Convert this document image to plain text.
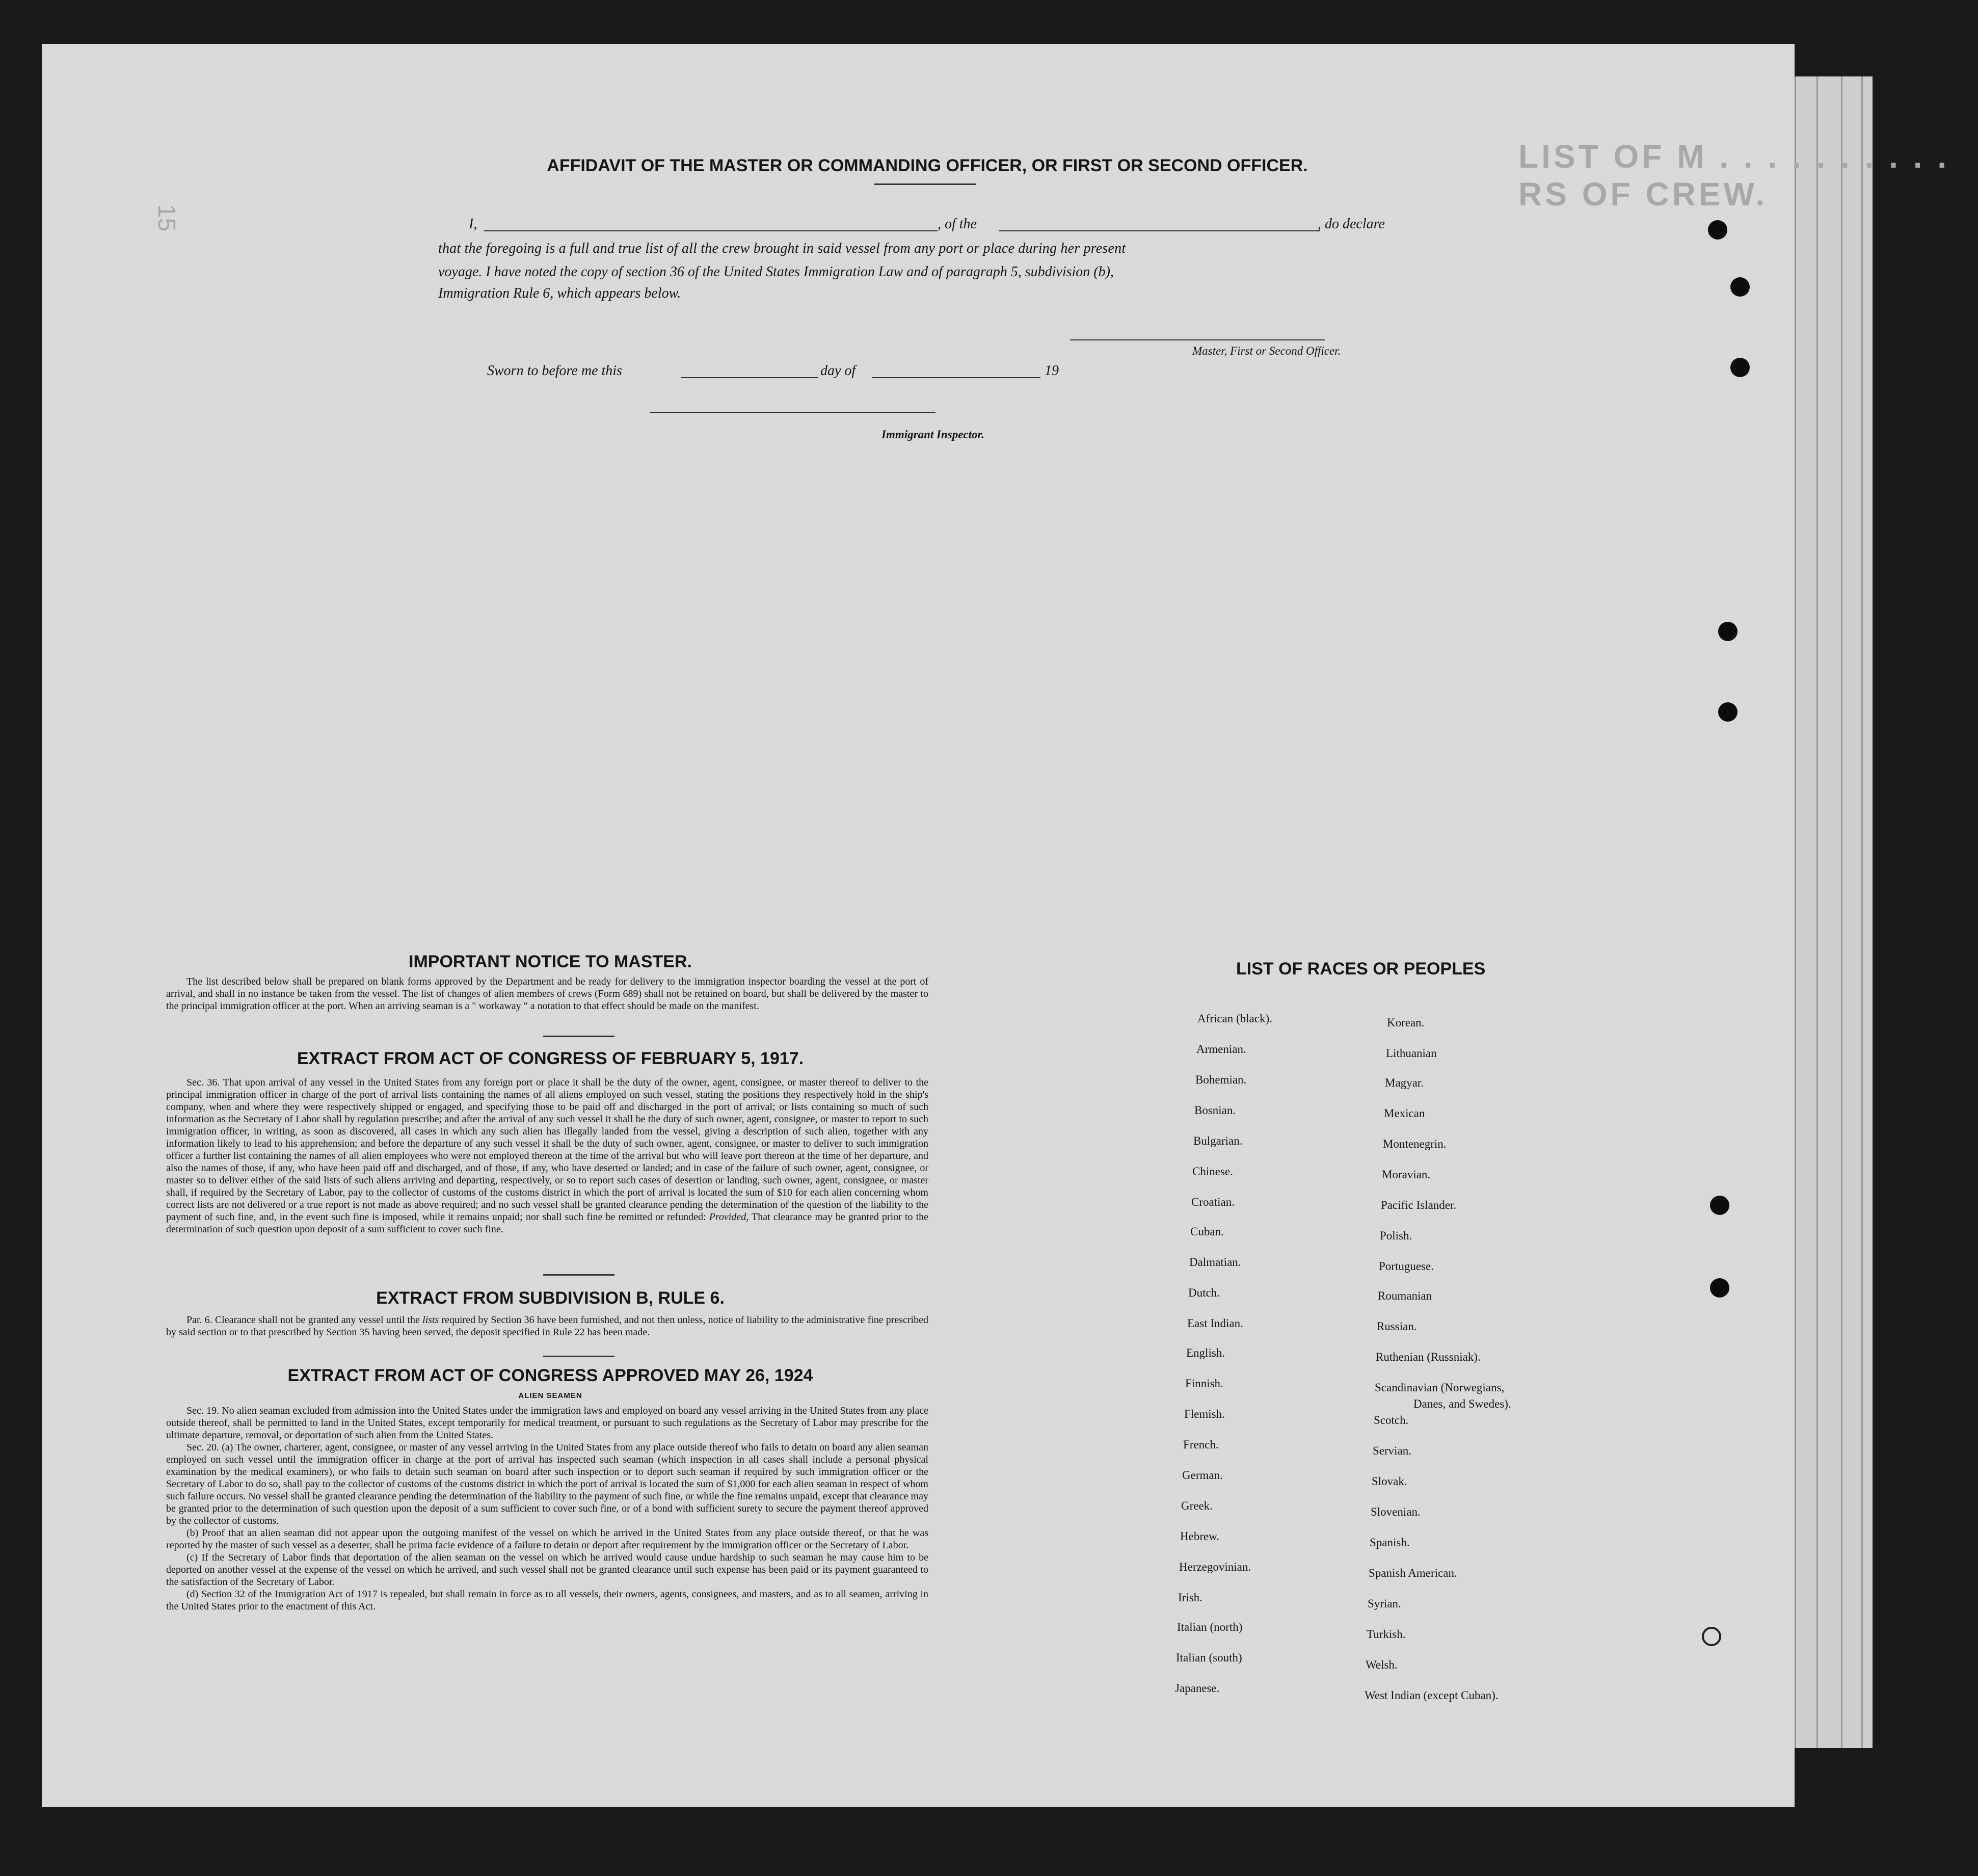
LIST OF M . . . . . . . . . . RS OF CREW.
15
AFFIDAVIT OF THE MASTER OR COMMANDING OFFICER, OR FIRST OR SECOND OFFICER.
I,	, of the	, do declare
that the foregoing is a full and true list of all the crew brought in said vessel from any port or place during her present
voyage. I have noted the copy of section 36 of the United States Immigration Law and of paragraph 5, subdivision (b),
Immigration Rule 6, which appears below.
Master, First or Second Officer.
Sworn to before me this	day of	19
Immigrant Inspector.
IMPORTANT NOTICE TO MASTER.

The list described below shall be prepared on blank forms approved by the Department and be ready for delivery to the immigration inspector boarding the vessel at the port of arrival, and shall in no instance be taken from the vessel. The list of changes of alien members of crews (Form 689) shall not be retained on board, but shall be delivered by the master to the principal immigration officer at the port. When an arriving seaman is a " workaway " a notation to that effect should be made on the manifest.

EXTRACT FROM ACT OF CONGRESS OF FEBRUARY 5, 1917.

Sec. 36. That upon arrival of any vessel in the United States from any foreign port or place it shall be the duty of the owner, agent, consignee, or master thereof to deliver to the principal immigration officer in charge of the port of arrival lists containing the names of all aliens employed on such vessel, stating the positions they respectively hold in the ship's company, when and where they were respectively shipped or engaged, and specifying those to be paid off and discharged in the port of arrival; or lists containing so much of such information as the Secretary of Labor shall by regulation prescribe; and after the arrival of any such vessel it shall be the duty of such owner, agent, consignee, or master to report to such immigration officer, in writing, as soon as discovered, all cases in which any such alien has illegally landed from the vessel, giving a description of such alien, together with any information likely to lead to his apprehension; and before the departure of any such vessel it shall be the duty of such owner, agent, consignee, or master to deliver to such immigration officer a further list containing the names of all alien employees who were not employed thereon at the time of the arrival but who will leave port thereon at the time of her departure, and also the names of those, if any, who have been paid off and discharged, and of those, if any, who have deserted or landed; and in case of the failure of such owner, agent, consignee, or master so to deliver either of the said lists of such aliens arriving and departing, respectively, or so to report such cases of desertion or landing, such owner, agent, consignee, or master shall, if required by the Secretary of Labor, pay to the collector of customs of the customs district in which the port of arrival is located the sum of $10 for each alien concerning whom correct lists are not delivered or a true report is not made as above required; and no such vessel shall be granted clearance pending the determination of the question of the liability to the payment of such fine, and, in the event such fine is imposed, while it remains unpaid; nor shall such fine be remitted or refunded: Provided, That clearance may be granted prior to the determination of such question upon deposit of a sum sufficient to cover such fine.

EXTRACT FROM SUBDIVISION B, RULE 6.

Par. 6. Clearance shall not be granted any vessel until the lists required by Section 36 have been furnished, and not then unless, notice of liability to the administrative fine prescribed by said section or to that prescribed by Section 35 having been served, the deposit specified in Rule 22 has been made.

EXTRACT FROM ACT OF CONGRESS APPROVED MAY 26, 1924
ALIEN SEAMEN

Sec. 19. No alien seaman excluded from admission into the United States under the immigration laws and employed on board any vessel arriving in the United States from any place outside thereof, shall be permitted to land in the United States, except temporarily for medical treatment, or pursuant to such regulations as the Secretary of Labor may prescribe for the ultimate departure, removal, or deportation of such alien from the United States.

Sec. 20. (a) The owner, charterer, agent, consignee, or master of any vessel arriving in the United States from any place outside thereof who fails to detain on board any alien seaman employed on such vessel until the immigration officer in charge at the port of arrival has inspected such seaman (which inspection in all cases shall include a personal physical examination by the medical examiners), or who fails to detain such seaman on board after such inspection or to deport such seaman if required by such immigration officer or the Secretary of Labor to do so, shall pay to the collector of customs of the customs district in which the port of arrival is located the sum of $1,000 for each alien seaman in respect of whom such failure occurs. No vessel shall be granted clearance pending the determination of the liability to the payment of such fine, or while the fine remains unpaid, except that clearance may be granted prior to the determination of such question upon the deposit of a sum sufficient to cover such fine, or of a bond with sufficient surety to secure the payment thereof approved by the collector of customs.

(b) Proof that an alien seaman did not appear upon the outgoing manifest of the vessel on which he arrived in the United States from any place outside thereof, or that he was reported by the master of such vessel as a deserter, shall be prima facie evidence of a failure to detain or deport after requirement by the immigration officer or the Secretary of Labor.

(c) If the Secretary of Labor finds that deportation of the alien seaman on the vessel on which he arrived would cause undue hardship to such seaman he may cause him to be deported on another vessel at the expense of the vessel on which he arrived, and such vessel shall not be granted clearance until such expense has been paid or its payment guaranteed to the satisfaction of the Secretary of Labor.

(d) Section 32 of the Immigration Act of 1917 is repealed, but shall remain in force as to all vessels, their owners, agents, consignees, and masters, and as to all seamen, arriving in the United States prior to the enactment of this Act.

LIST OF RACES OR PEOPLES
African (black).
Armenian.
Bohemian.
Bosnian.
Bulgarian.
Chinese.
Croatian.
Cuban.
Dalmatian.
Dutch.
East Indian.
English.
Finnish.
Flemish.
French.
German.
Greek.
Hebrew.
Herzegovinian.
Irish.
Italian (north)
Italian (south)
Japanese.
Korean.
Lithuanian
Magyar.
Mexican
Montenegrin.
Moravian.
Pacific Islander.
Polish.
Portuguese.
Roumanian
Russian.
Ruthenian (Russniak).
Scandinavian (Norwegians,
Danes, and Swedes).
Scotch.
Servian.
Slovak.
Slovenian.
Spanish.
Spanish American.
Syrian.
Turkish.
Welsh.
West Indian (except Cuban).
